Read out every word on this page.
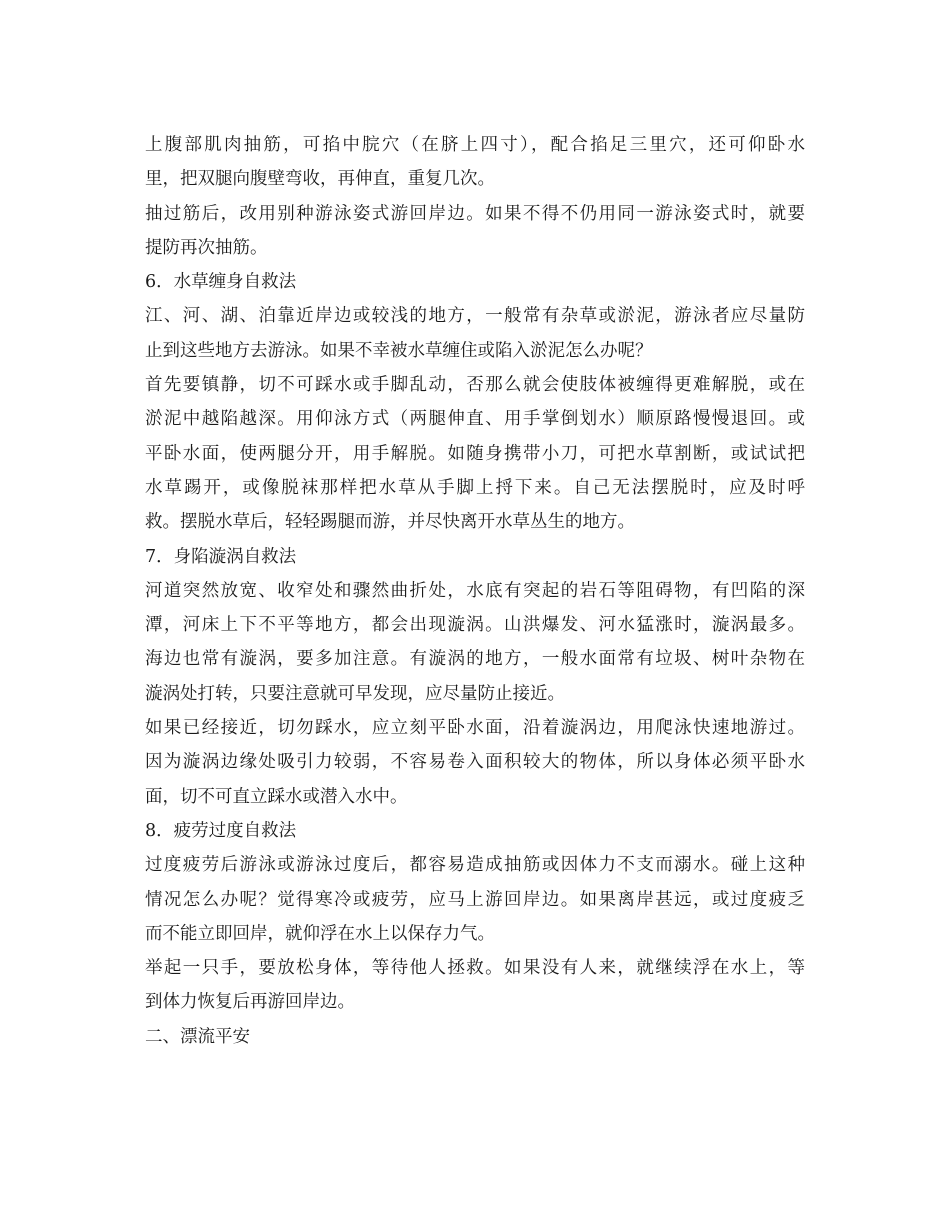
上腹部肌肉抽筋，可掐中脘穴（在脐上四寸），配合掐足三里穴，还可仰卧水
里，把双腿向腹壁弯收，再伸直，重复几次。
抽过筋后，改用别种游泳姿式游回岸边。如果不得不仍用同一游泳姿式时，就要
提防再次抽筋。
6．水草缠身自救法
江、河、湖、泊靠近岸边或较浅的地方，一般常有杂草或淤泥，游泳者应尽量防
止到这些地方去游泳。如果不幸被水草缠住或陷入淤泥怎么办呢？
首先要镇静，切不可踩水或手脚乱动，否那么就会使肢体被缠得更难解脱，或在
淤泥中越陷越深。用仰泳方式（两腿伸直、用手掌倒划水）顺原路慢慢退回。或
平卧水面，使两腿分开，用手解脱。如随身携带小刀，可把水草割断，或试试把
水草踢开，或像脱袜那样把水草从手脚上捋下来。自己无法摆脱时，应及时呼
救。摆脱水草后，轻轻踢腿而游，并尽快离开水草丛生的地方。
7．身陷漩涡自救法
河道突然放宽、收窄处和骤然曲折处，水底有突起的岩石等阻碍物，有凹陷的深
潭，河床上下不平等地方，都会出现漩涡。山洪爆发、河水猛涨时，漩涡最多。
海边也常有漩涡，要多加注意。有漩涡的地方，一般水面常有垃圾、树叶杂物在
漩涡处打转，只要注意就可早发现，应尽量防止接近。
如果已经接近，切勿踩水，应立刻平卧水面，沿着漩涡边，用爬泳快速地游过。
因为漩涡边缘处吸引力较弱，不容易卷入面积较大的物体，所以身体必须平卧水
面，切不可直立踩水或潜入水中。
8．疲劳过度自救法
过度疲劳后游泳或游泳过度后，都容易造成抽筋或因体力不支而溺水。碰上这种
情况怎么办呢？觉得寒冷或疲劳，应马上游回岸边。如果离岸甚远，或过度疲乏
而不能立即回岸，就仰浮在水上以保存力气。
举起一只手，要放松身体，等待他人拯救。如果没有人来，就继续浮在水上，等
到体力恢复后再游回岸边。
二、漂流平安
